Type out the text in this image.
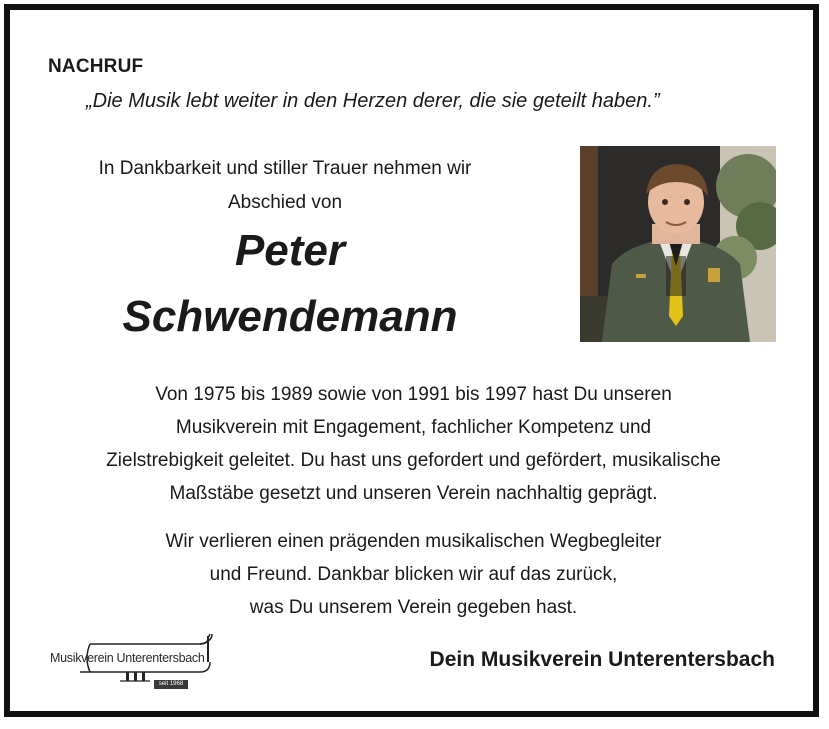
NACHRUF
„Die Musik lebt weiter in den Herzen derer, die sie geteilt haben.”
In Dankbarkeit und stiller Trauer nehmen wir
Abschied von
Peter
Schwendemann
Von 1975 bis 1989 sowie von 1991 bis 1997 hast Du unseren
Musikverein mit Engagement, fachlicher Kompetenz und
Zielstrebigkeit geleitet. Du hast uns gefordert und gefördert, musikalische
Maßstäbe gesetzt und unseren Verein nachhaltig geprägt.
Wir verlieren einen prägenden musikalischen Wegbegleiter
und Freund. Dankbar blicken wir auf das zurück,
was Du unserem Verein gegeben hast.
Musikverein Unterentersbach
seit 1968
Dein Musikverein Unterentersbach
